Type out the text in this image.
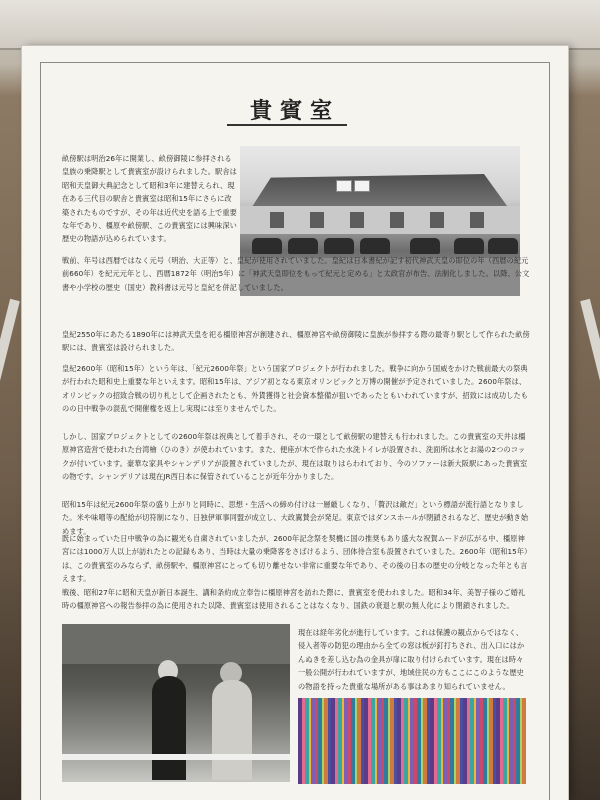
貴賓室
畝傍駅は明治26年に開業し、畝傍御陵に参拝される皇族の乗降駅として貴賓室が設けられました。駅舎は昭和天皇御大典記念として昭和3年に建替えられ、現在ある三代目の駅舎と貴賓室は昭和15年にさらに改築されたものですが、その年は近代史を語る上で重要な年であり、橿原や畝傍駅、この貴賓室には興味深い歴史の物語が込められています。
戦前、年号は西暦ではなく元号（明治、大正等）と、皇紀が使用されていました。皇紀は日本書紀が記す初代神武天皇の即位の年（西暦の紀元前660年）を紀元元年とし、西暦1872年（明治5年）に「神武天皇即位をもって紀元と定める」と太政官が布告、法制化しました。以降、公文書や小学校の歴史（国史）教科書は元号と皇紀を併記していました。
皇紀2550年にあたる1890年には神武天皇を祀る橿原神宮が創建され、橿原神宮や畝傍御陵に皇族が参拝する際の最寄り駅として作られた畝傍駅には、貴賓室は設けられました。
皇紀2600年（昭和15年）という年は、「紀元2600年祭」という国家プロジェクトが行われました。戦争に向かう国威をかけた戦前最大の祭典が行われた昭和史上重要な年といえます。昭和15年は、アジア初となる東京オリンピックと万博の開催が予定されていました。2600年祭は、オリンピックの招致合戦の切り札として企画されたとも、外貨獲得と社会資本整備が狙いであったともいわれていますが、招致には成功したものの日中戦争の混乱で開催権を返上し実現には至りませんでした。
しかし、国家プロジェクトとしての2600年祭は祝典として着手され、その一環として畝傍駅の建替えも行われました。この貴賓室の天井は橿原神宮造営で使われた台湾檜（ひのき）が使われています。また、便座が木で作られた水洗トイレが設置され、洗面所は水とお湯の2つのコックが付いています。豪華な家具やシャンデリアが設置されていましたが、現在は取りはらわれており、今のソファーは新大阪駅にあった貴賓室の物です。シャンデリアは現在JR西日本に保管されていることが近年分かりました。
昭和15年は紀元2600年祭の盛り上がりと同時に、思想・生活への締め付けは一層厳しくなり、「贅沢は敵だ」という標語が流行語となりました。米や味噌等の配給が切符制になり、日独伊軍事同盟が成立し、大政翼賛会が発足。東京ではダンスホールが閉鎖されるなど、歴史が動き始めます。
既に始まっていた日中戦争の為に観光も自粛されていましたが、2600年記念祭を契機に国の推奨もあり盛大な祝賀ムードが広がる中、橿原神宮には1000万人以上が訪れたとの記録もあり、当時は大量の乗降客をさばけるよう、団体待合室も設置されていました。2600年（昭和15年）は、この貴賓室のみならず、畝傍駅や、橿原神宮にとっても切り離せない非常に重要な年であり、その後の日本の歴史の分岐となった年とも言えます。
戦後、昭和27年に昭和天皇が新日本誕生、講和条約成立奉告に橿原神宮を訪れた際に、貴賓室を使われました。昭和34年、美智子様のご婚礼時の橿原神宮への報告参拝の為に使用された以降、貴賓室は使用されることはなくなり、国鉄の衰退と駅の無人化により閉鎖されました。
現在は経年劣化が進行しています。これは保護の観点からではなく、侵入者等の防犯の理由から全ての窓は板が釘打ちされ、出入口にはかんぬきを差し込む為の金具が扉に取り付けられています。現在は時々一般公開が行われていますが、地域住民の方もここにこのような歴史の物語を持った貴重な場所がある事はあまり知られていません。
